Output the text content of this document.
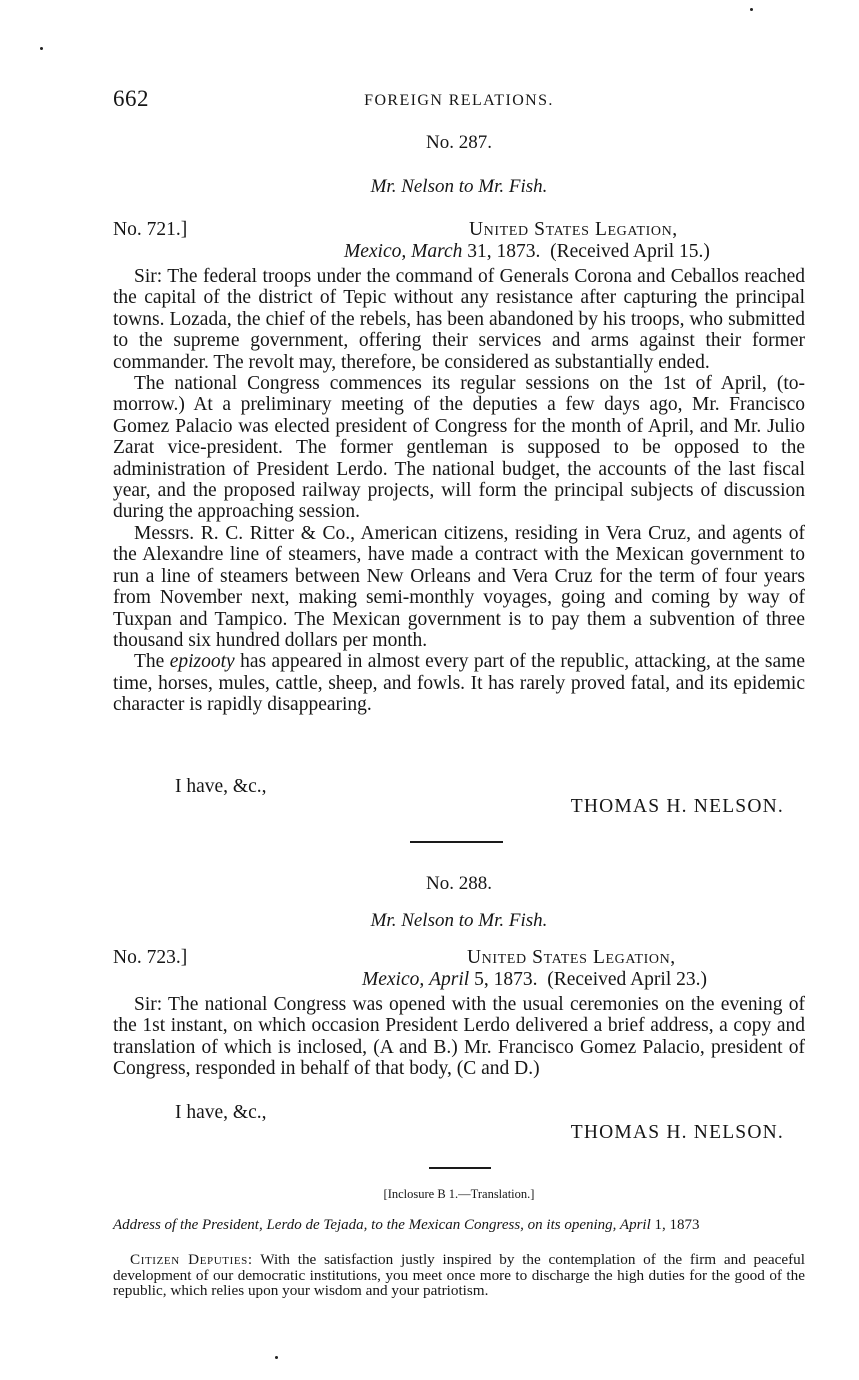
662	FOREIGN RELATIONS.
No. 287.
Mr. Nelson to Mr. Fish.
No. 721.]	United States Legation,
Mexico, March 31, 1873. (Received April 15.)

Sir: The federal troops under the command of Generals Corona and Ceballos reached the capital of the district of Tepic without any resistance after capturing the principal towns. Lozada, the chief of the rebels, has been abandoned by his troops, who submitted to the supreme government, offering their services and arms against their former commander. The revolt may, therefore, be considered as substantially ended.

The national Congress commences its regular sessions on the 1st of April, (to-morrow.) At a preliminary meeting of the deputies a few days ago, Mr. Francisco Gomez Palacio was elected president of Congress for the month of April, and Mr. Julio Zarat vice-president. The former gentleman is supposed to be opposed to the administration of President Lerdo. The national budget, the accounts of the last fiscal year, and the proposed railway projects, will form the principal subjects of discussion during the approaching session.

Messrs. R. C. Ritter & Co., American citizens, residing in Vera Cruz, and agents of the Alexandre line of steamers, have made a contract with the Mexican government to run a line of steamers between New Orleans and Vera Cruz for the term of four years from November next, making semi-monthly voyages, going and coming by way of Tuxpan and Tampico. The Mexican government is to pay them a subvention of three thousand six hundred dollars per month.

The epizooty has appeared in almost every part of the republic, attacking, at the same time, horses, mules, cattle, sheep, and fowls. It has rarely proved fatal, and its epidemic character is rapidly disappearing.

I have, &c.,
THOMAS H. NELSON.
No. 288.
Mr. Nelson to Mr. Fish.
No. 723.]	United States Legation,
Mexico, April 5, 1873. (Received April 23.)

Sir: The national Congress was opened with the usual ceremonies on the evening of the 1st instant, on which occasion President Lerdo delivered a brief address, a copy and translation of which is inclosed, (A and B.) Mr. Francisco Gomez Palacio, president of Congress, responded in behalf of that body, (C and D.)

I have, &c.,
THOMAS H. NELSON.
[Inclosure B 1.—Translation.]
Address of the President, Lerdo de Tejada, to the Mexican Congress, on its opening, April 1, 1873

Citizen Deputies: With the satisfaction justly inspired by the contemplation of the firm and peaceful development of our democratic institutions, you meet once more to discharge the high duties for the good of the republic, which relies upon your wisdom and your patriotism.
